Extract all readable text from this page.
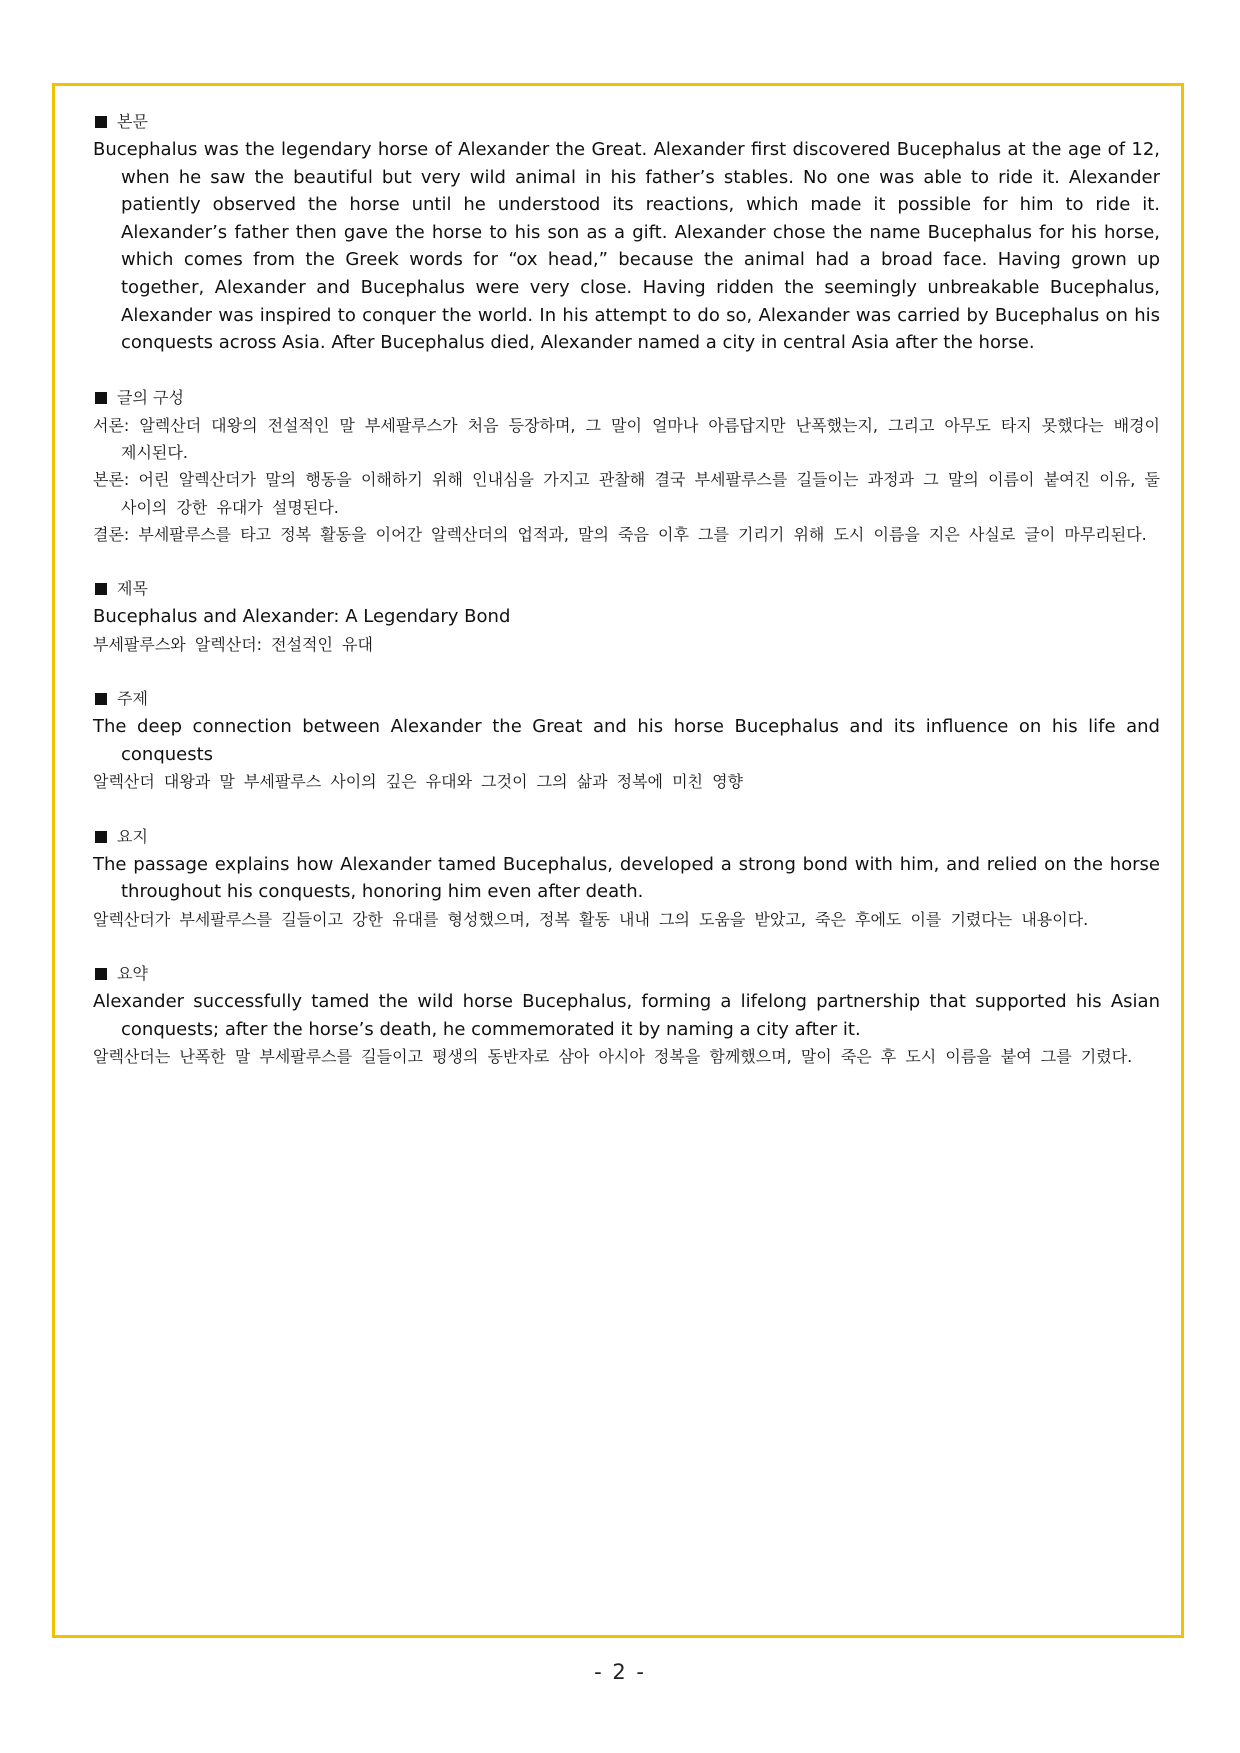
본문

Bucephalus was the legendary horse of Alexander the Great. Alexander first discovered Bucephalus at the age of 12, when he saw the beautiful but very wild animal in his father’s stables. No one was able to ride it. Alexander patiently observed the horse until he understood its reactions, which made it possible for him to ride it. Alexander’s father then gave the horse to his son as a gift. Alexander chose the name Bucephalus for his horse, which comes from the Greek words for “ox head,” because the animal had a broad face. Having grown up together, Alexander and Bucephalus were very close. Having ridden the seemingly unbreakable Bucephalus, Alexander was inspired to conquer the world. In his attempt to do so, Alexander was carried by Bucephalus on his conquests across Asia. After Bucephalus died, Alexander named a city in central Asia after the horse.

글의 구성

서론: 알렉산더 대왕의 전설적인 말 부세팔루스가 처음 등장하며, 그 말이 얼마나 아름답지만 난폭했는지, 그리고 아무도 타지 못했다는 배경이 제시된다.

본론: 어린 알렉산더가 말의 행동을 이해하기 위해 인내심을 가지고 관찰해 결국 부세팔루스를 길들이는 과정과 그 말의 이름이 붙여진 이유, 둘 사이의 강한 유대가 설명된다.

결론: 부세팔루스를 타고 정복 활동을 이어간 알렉산더의 업적과, 말의 죽음 이후 그를 기리기 위해 도시 이름을 지은 사실로 글이 마무리된다.

제목

Bucephalus and Alexander: A Legendary Bond

부세팔루스와 알렉산더: 전설적인 유대

주제

The deep connection between Alexander the Great and his horse Bucephalus and its influence on his life and conquests

알렉산더 대왕과 말 부세팔루스 사이의 깊은 유대와 그것이 그의 삶과 정복에 미친 영향

요지

The passage explains how Alexander tamed Bucephalus, developed a strong bond with him, and relied on the horse throughout his conquests, honoring him even after death.

알렉산더가 부세팔루스를 길들이고 강한 유대를 형성했으며, 정복 활동 내내 그의 도움을 받았고, 죽은 후에도 이를 기렸다는 내용이다.

요약

Alexander successfully tamed the wild horse Bucephalus, forming a lifelong partnership that supported his Asian conquests; after the horse’s death, he commemorated it by naming a city after it.

알렉산더는 난폭한 말 부세팔루스를 길들이고 평생의 동반자로 삼아 아시아 정복을 함께했으며, 말이 죽은 후 도시 이름을 붙여 그를 기렸다.

- 2 -
